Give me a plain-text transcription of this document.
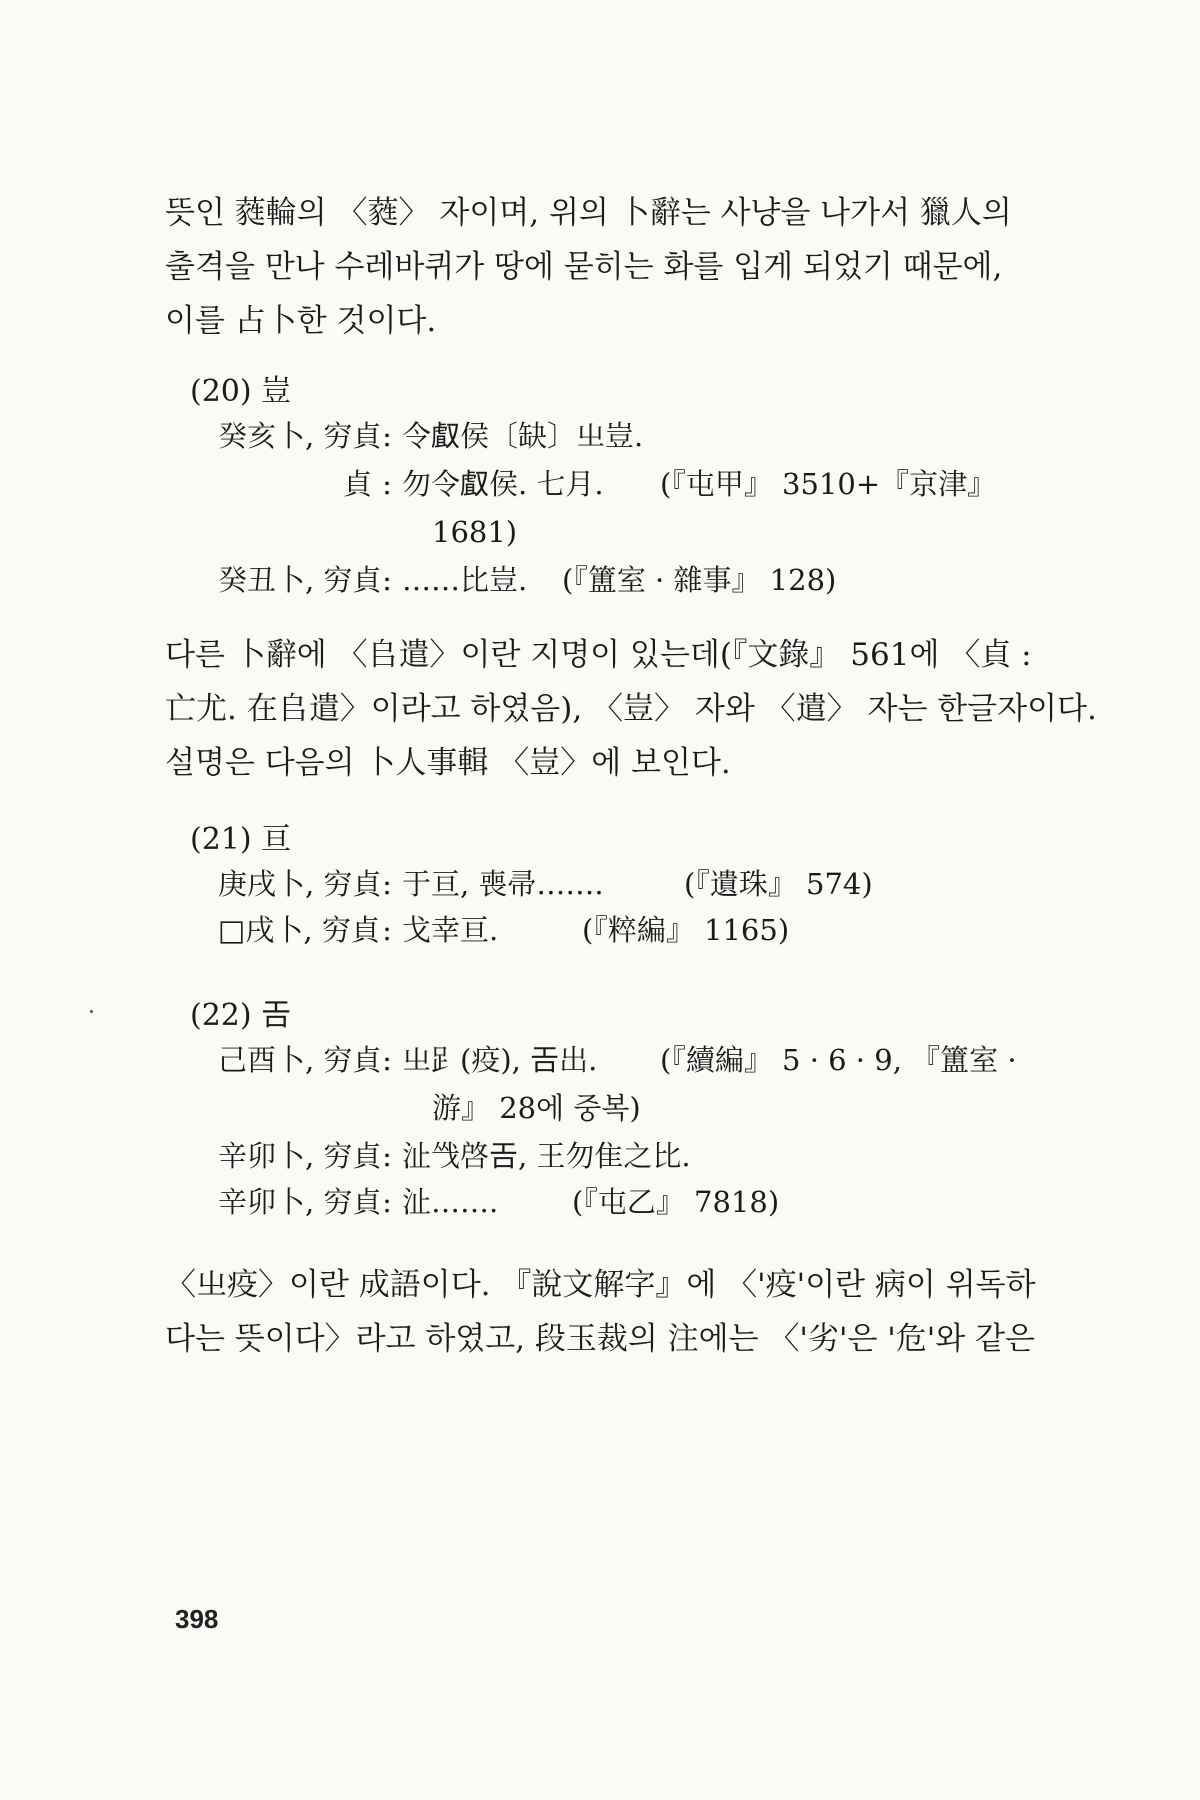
뜻인 蕤輪의 〈蕤〉 자이며, 위의 卜辭는 사냥을 나가서 獵人의
출격을 만나 수레바퀴가 땅에 묻히는 화를 입게 되었기 때문에,
이를 占卜한 것이다.

(20) 豈
癸亥卜, 穷貞: 令𠭯侯〔缺〕㞢豈.
貞 : 勿令𠭯侯. 七月. (『屯甲』 3510+『京津』
1681)
癸丑卜, 穷貞: ……比豈. (『簠室 · 雜事』 128)

다른 卜辭에 〈𠂤遣〉이란 지명이 있는데(『文錄』 561에 〈貞 :
亡尤. 在𠂤遣〉이라고 하였음), 〈豈〉 자와 〈遣〉 자는 한글자이다.
설명은 다음의 卜人事輯 〈豈〉에 보인다.

(21) 亘
庚戌卜, 穷貞: 于亘, 喪帚…….	(『遺珠』 574)
□戌卜, 穷貞: 戈幸亘.	(『粹編』 1165)
(22) 𢀛
己酉卜, 穷貞: 㞢𧾷(疫), 𢀛出. (『續編』 5 · 6 · 9, 『簠室 ·
游』 28에 중복)
辛卯卜, 穷貞: 沚㦰啓𢀛, 王勿隹之比.
辛卯卜, 穷貞: 沚…….	(『屯乙』 7818)

〈㞢疫〉이란 成語이다. 『說文解字』에 〈'疫'이란 病이 위독하
다는 뜻이다〉라고 하였고, 段玉裁의 注에는 〈'劣'은 '危'와 같은

398
